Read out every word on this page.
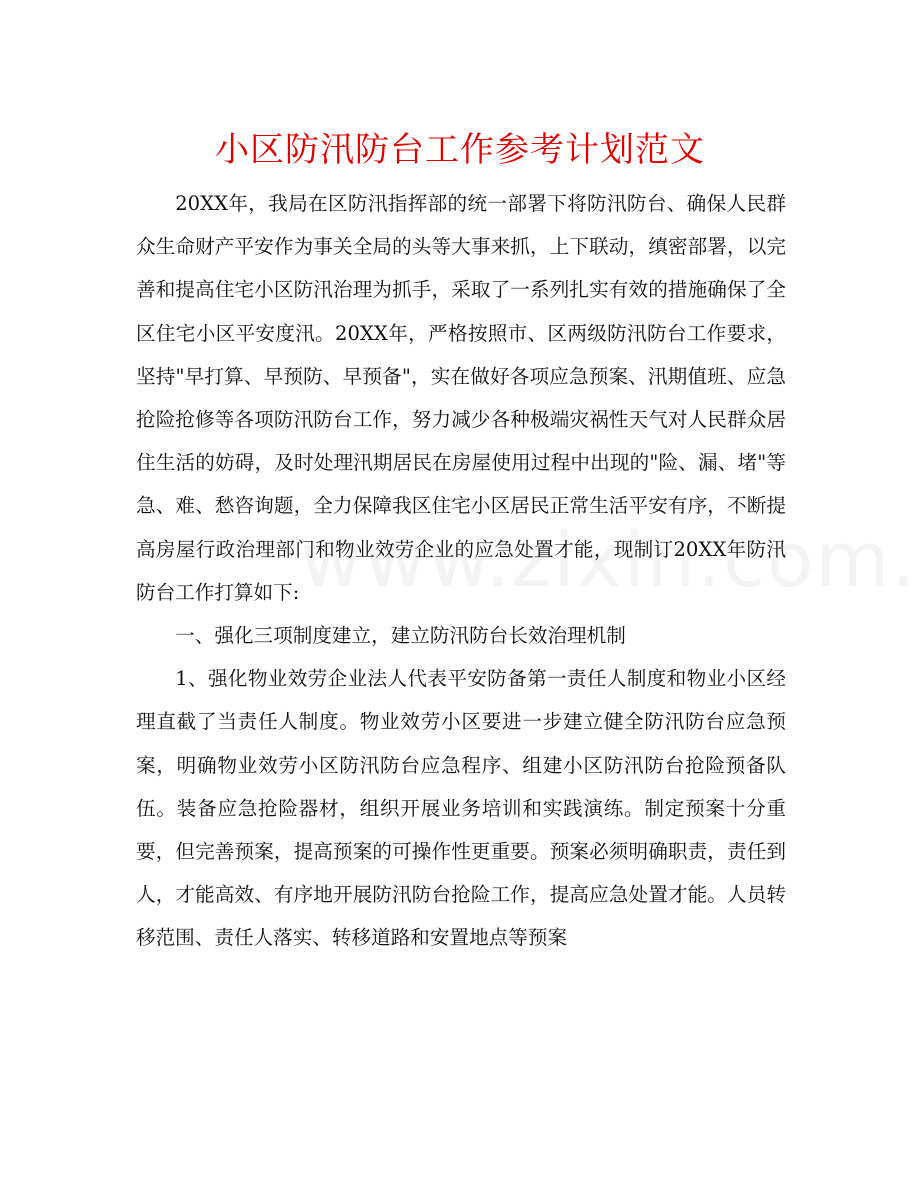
小区防汛防台工作参考计划范文

20XX年，我局在区防汛指挥部的统一部署下将防汛防台、确保人民群众生命财产平安作为事关全局的头等大事来抓，上下联动，缜密部署，以完善和提高住宅小区防汛治理为抓手，采取了一系列扎实有效的措施确保了全区住宅小区平安度汛。20XX年，严格按照市、区两级防汛防台工作要求，坚持"早打算、早预防、早预备"，实在做好各项应急预案、汛期值班、应急抢险抢修等各项防汛防台工作，努力减少各种极端灾祸性天气对人民群众居住生活的妨碍，及时处理汛期居民在房屋使用过程中出现的"险、漏、堵"等急、难、愁咨询题，全力保障我区住宅小区居民正常生活平安有序，不断提高房屋行政治理部门和物业效劳企业的应急处置才能，现制订20XX年防汛防台工作打算如下:

一、强化三项制度建立，建立防汛防台长效治理机制

1、强化物业效劳企业法人代表平安防备第一责任人制度和物业小区经理直截了当责任人制度。物业效劳小区要进一步建立健全防汛防台应急预案，明确物业效劳小区防汛防台应急程序、组建小区防汛防台抢险预备队伍。装备应急抢险器材，组织开展业务培训和实践演练。制定预案十分重要，但完善预案，提高预案的可操作性更重要。预案必须明确职责，责任到人，才能高效、有序地开展防汛防台抢险工作，提高应急处置才能。人员转移范围、责任人落实、转移道路和安置地点等预案
